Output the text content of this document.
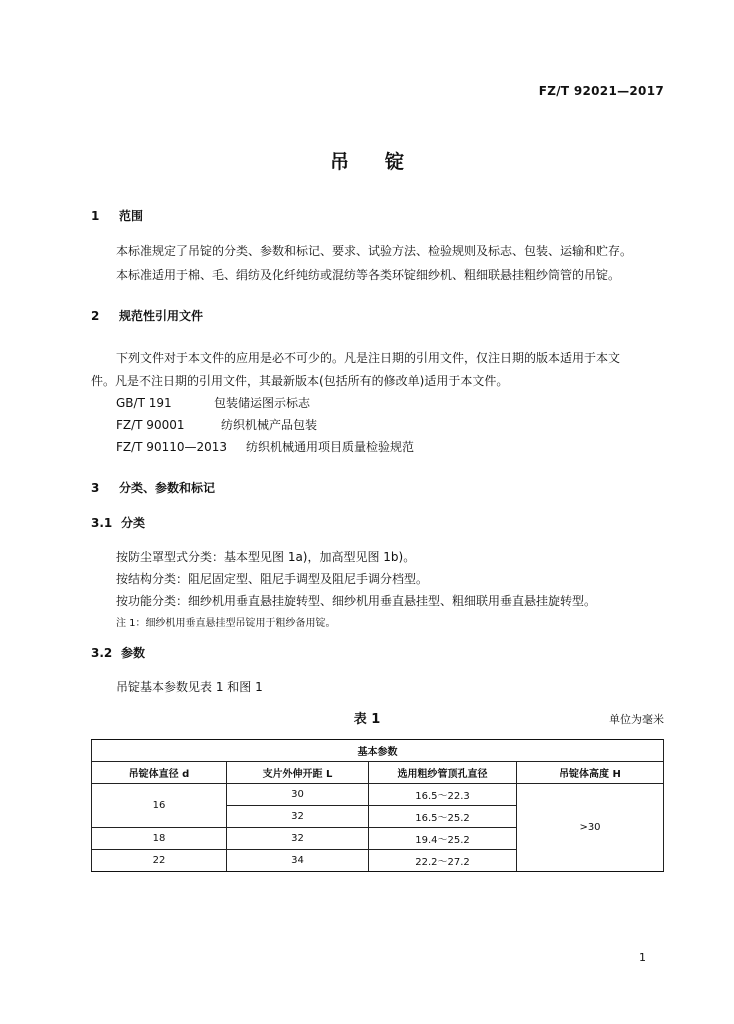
FZ/T 92021—2017
吊 锭
1 范围
本标准规定了吊锭的分类、参数和标记、要求、试验方法、检验规则及标志、包装、运输和贮存。
本标准适用于棉、毛、绢纺及化纤纯纺或混纺等各类环锭细纱机、粗细联悬挂粗纱筒管的吊锭。
2 规范性引用文件
下列文件对于本文件的应用是必不可少的。凡是注日期的引用文件，仅注日期的版本适用于本文
件。凡是不注日期的引用文件，其最新版本(包括所有的修改单)适用于本文件。
GB/T 191	包装储运图示标志
FZ/T 90001	纺织机械产品包装
FZ/T 90110—2013 纺织机械通用项目质量检验规范
3 分类、参数和标记
3.1 分类
按防尘罩型式分类：基本型见图 1a)，加高型见图 1b)。
按结构分类：阻尼固定型、阻尼手调型及阻尼手调分档型。
按功能分类：细纱机用垂直悬挂旋转型、细纱机用垂直悬挂型、粗细联用垂直悬挂旋转型。
注 1：细纱机用垂直悬挂型吊锭用于粗纱备用锭。
3.2 参数
吊锭基本参数见表 1 和图 1
表 1	单位为毫米
基本参数			
吊锭体直径 d	支片外伸开距 L	选用粗纱管顶孔直径	吊锭体高度 H
16	30	16.5～22.3	>30
	32	16.5～25.2	
18	32	19.4～25.2	
22	34	22.2～27.2	
1
